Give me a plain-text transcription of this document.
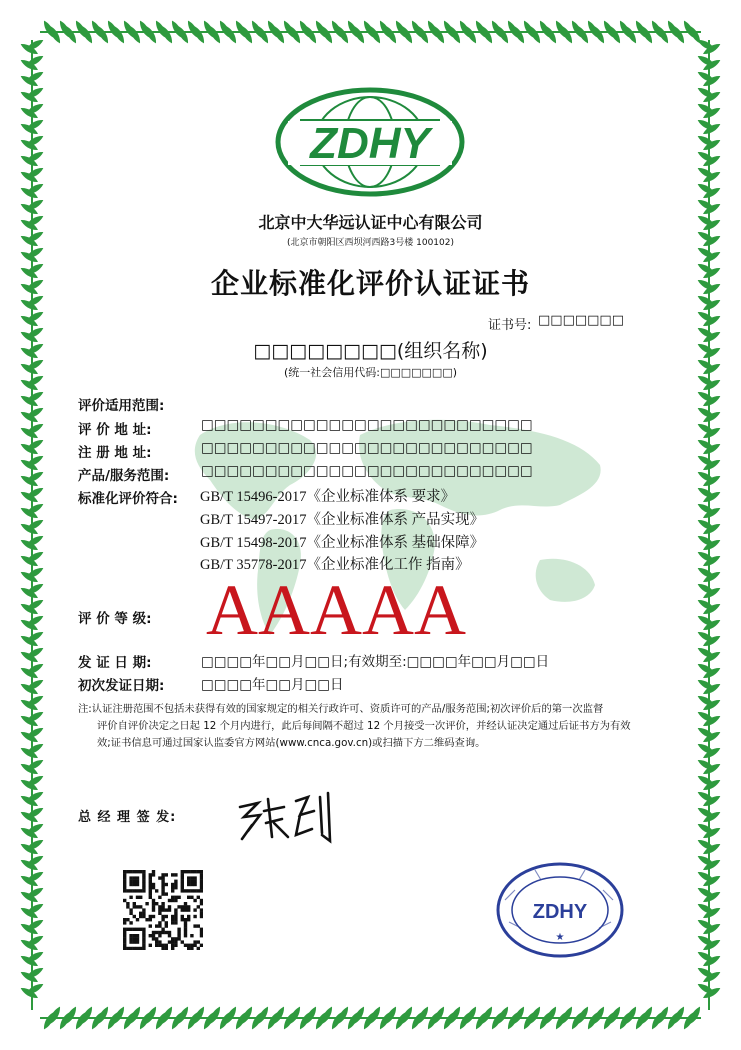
ZDHY
北京中大华远认证中心有限公司
(北京市朝阳区西坝河西路3号楼 100102)
企业标准化评价认证证书
证书号: □□□□□□□
□□□□□□□□(组织名称)
(统一社会信用代码:□□□□□□□)
评价适用范围:
评 价 地 址:	□□□□□□□□□□□□□□□□□□□□□□□□□□
注 册 地 址:	□□□□□□□□□□□□□□□□□□□□□□□□□□
产品/服务范围: □□□□□□□□□□□□□□□□□□□□□□□□□□
标准化评价符合: GB/T 15496-2017《企业标准体系 要求》
GB/T 15497-2017《企业标准体系 产品实现》
GB/T 15498-2017《企业标准体系 基础保障》
GB/T 35778-2017《企业标准化工作 指南》
评 价 等 级: AAAAA
发 证 日 期:	□□□□年□□月□□日;有效期至:□□□□年□□月□□日
初次发证日期:	□□□□年□□月□□日
注:认证注册范围不包括未获得有效的国家规定的相关行政许可、资质许可的产品/服务范围;初次评价后的第一次监督
评价自评价决定之日起 12 个月内进行，此后每间隔不超过 12 个月接受一次评价，并经认证决定通过后证书方为有效
效;证书信息可通过国家认监委官方网站(www.cnca.gov.cn)或扫描下方二维码查询。
总 经 理 签 发:
ZDHY
★
